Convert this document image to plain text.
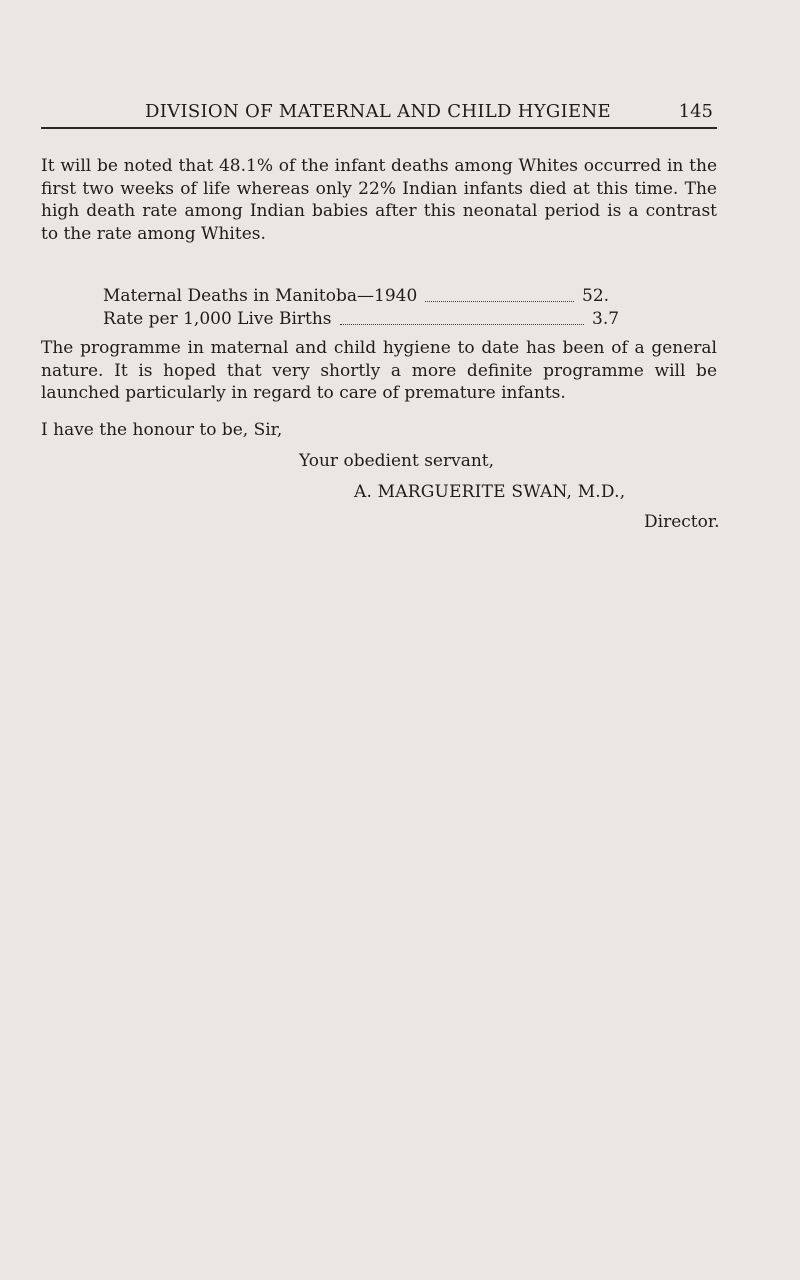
DIVISION OF MATERNAL AND CHILD HYGIENE	145

It will be noted that 48.1% of the infant deaths among Whites occurred in the first two weeks of life whereas only 22% Indian infants died at this time. The high death rate among Indian babies after this neonatal period is a contrast to the rate among Whites.

Maternal Deaths in Manitoba—1940	52.
Rate per 1,000 Live Births	3.7

The programme in maternal and child hygiene to date has been of a general nature. It is hoped that very shortly a more definite programme will be launched particularly in regard to care of premature infants.

I have the honour to be, Sir,
Your obedient servant,
A. MARGUERITE SWAN, M.D.,
Director.
